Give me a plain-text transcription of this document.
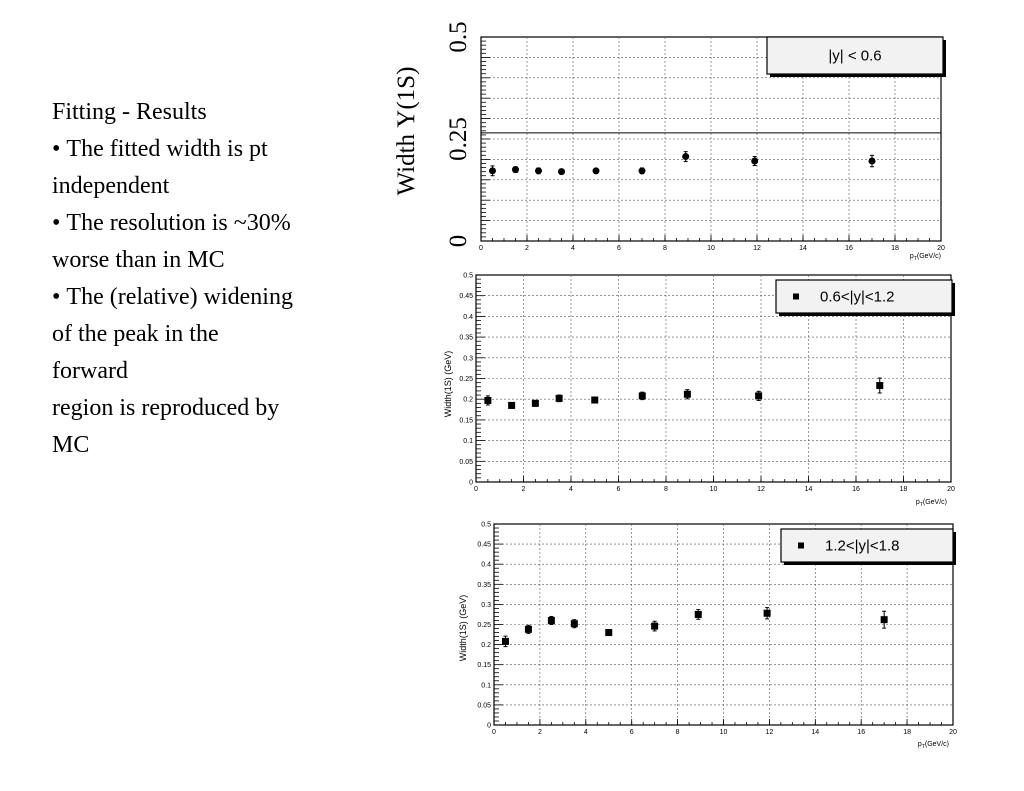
Fitting - Results
• The fitted width is pt
independent
• The resolution is ~30%
worse than in MC
• The (relative) widening
of the peak in the
forward
region is reproduced by
MC
0	2	4	6	8	10	12	14	16	18	20
0
0.25
0.5
$p_T(GeV/c)$
Width Υ(1S)
|y| < 0.6
0	2	4	6	8	10	12	14	16	18	20
0
0.05
0.1
0.15
0.2
0.25
0.3
0.35
0.4
0.45
0.5
$p_T(GeV/c)$
Width(1S) (GeV)
0.6<|y|<1.2
0	2	4	6	8	10	12	14	16	18	20
0
0.05
0.1
0.15
0.2
0.25
0.3
0.35
0.4
0.45
0.5
$p_T(GeV/c)$
Width(1S) (GeV)
1.2<|y|<1.8
